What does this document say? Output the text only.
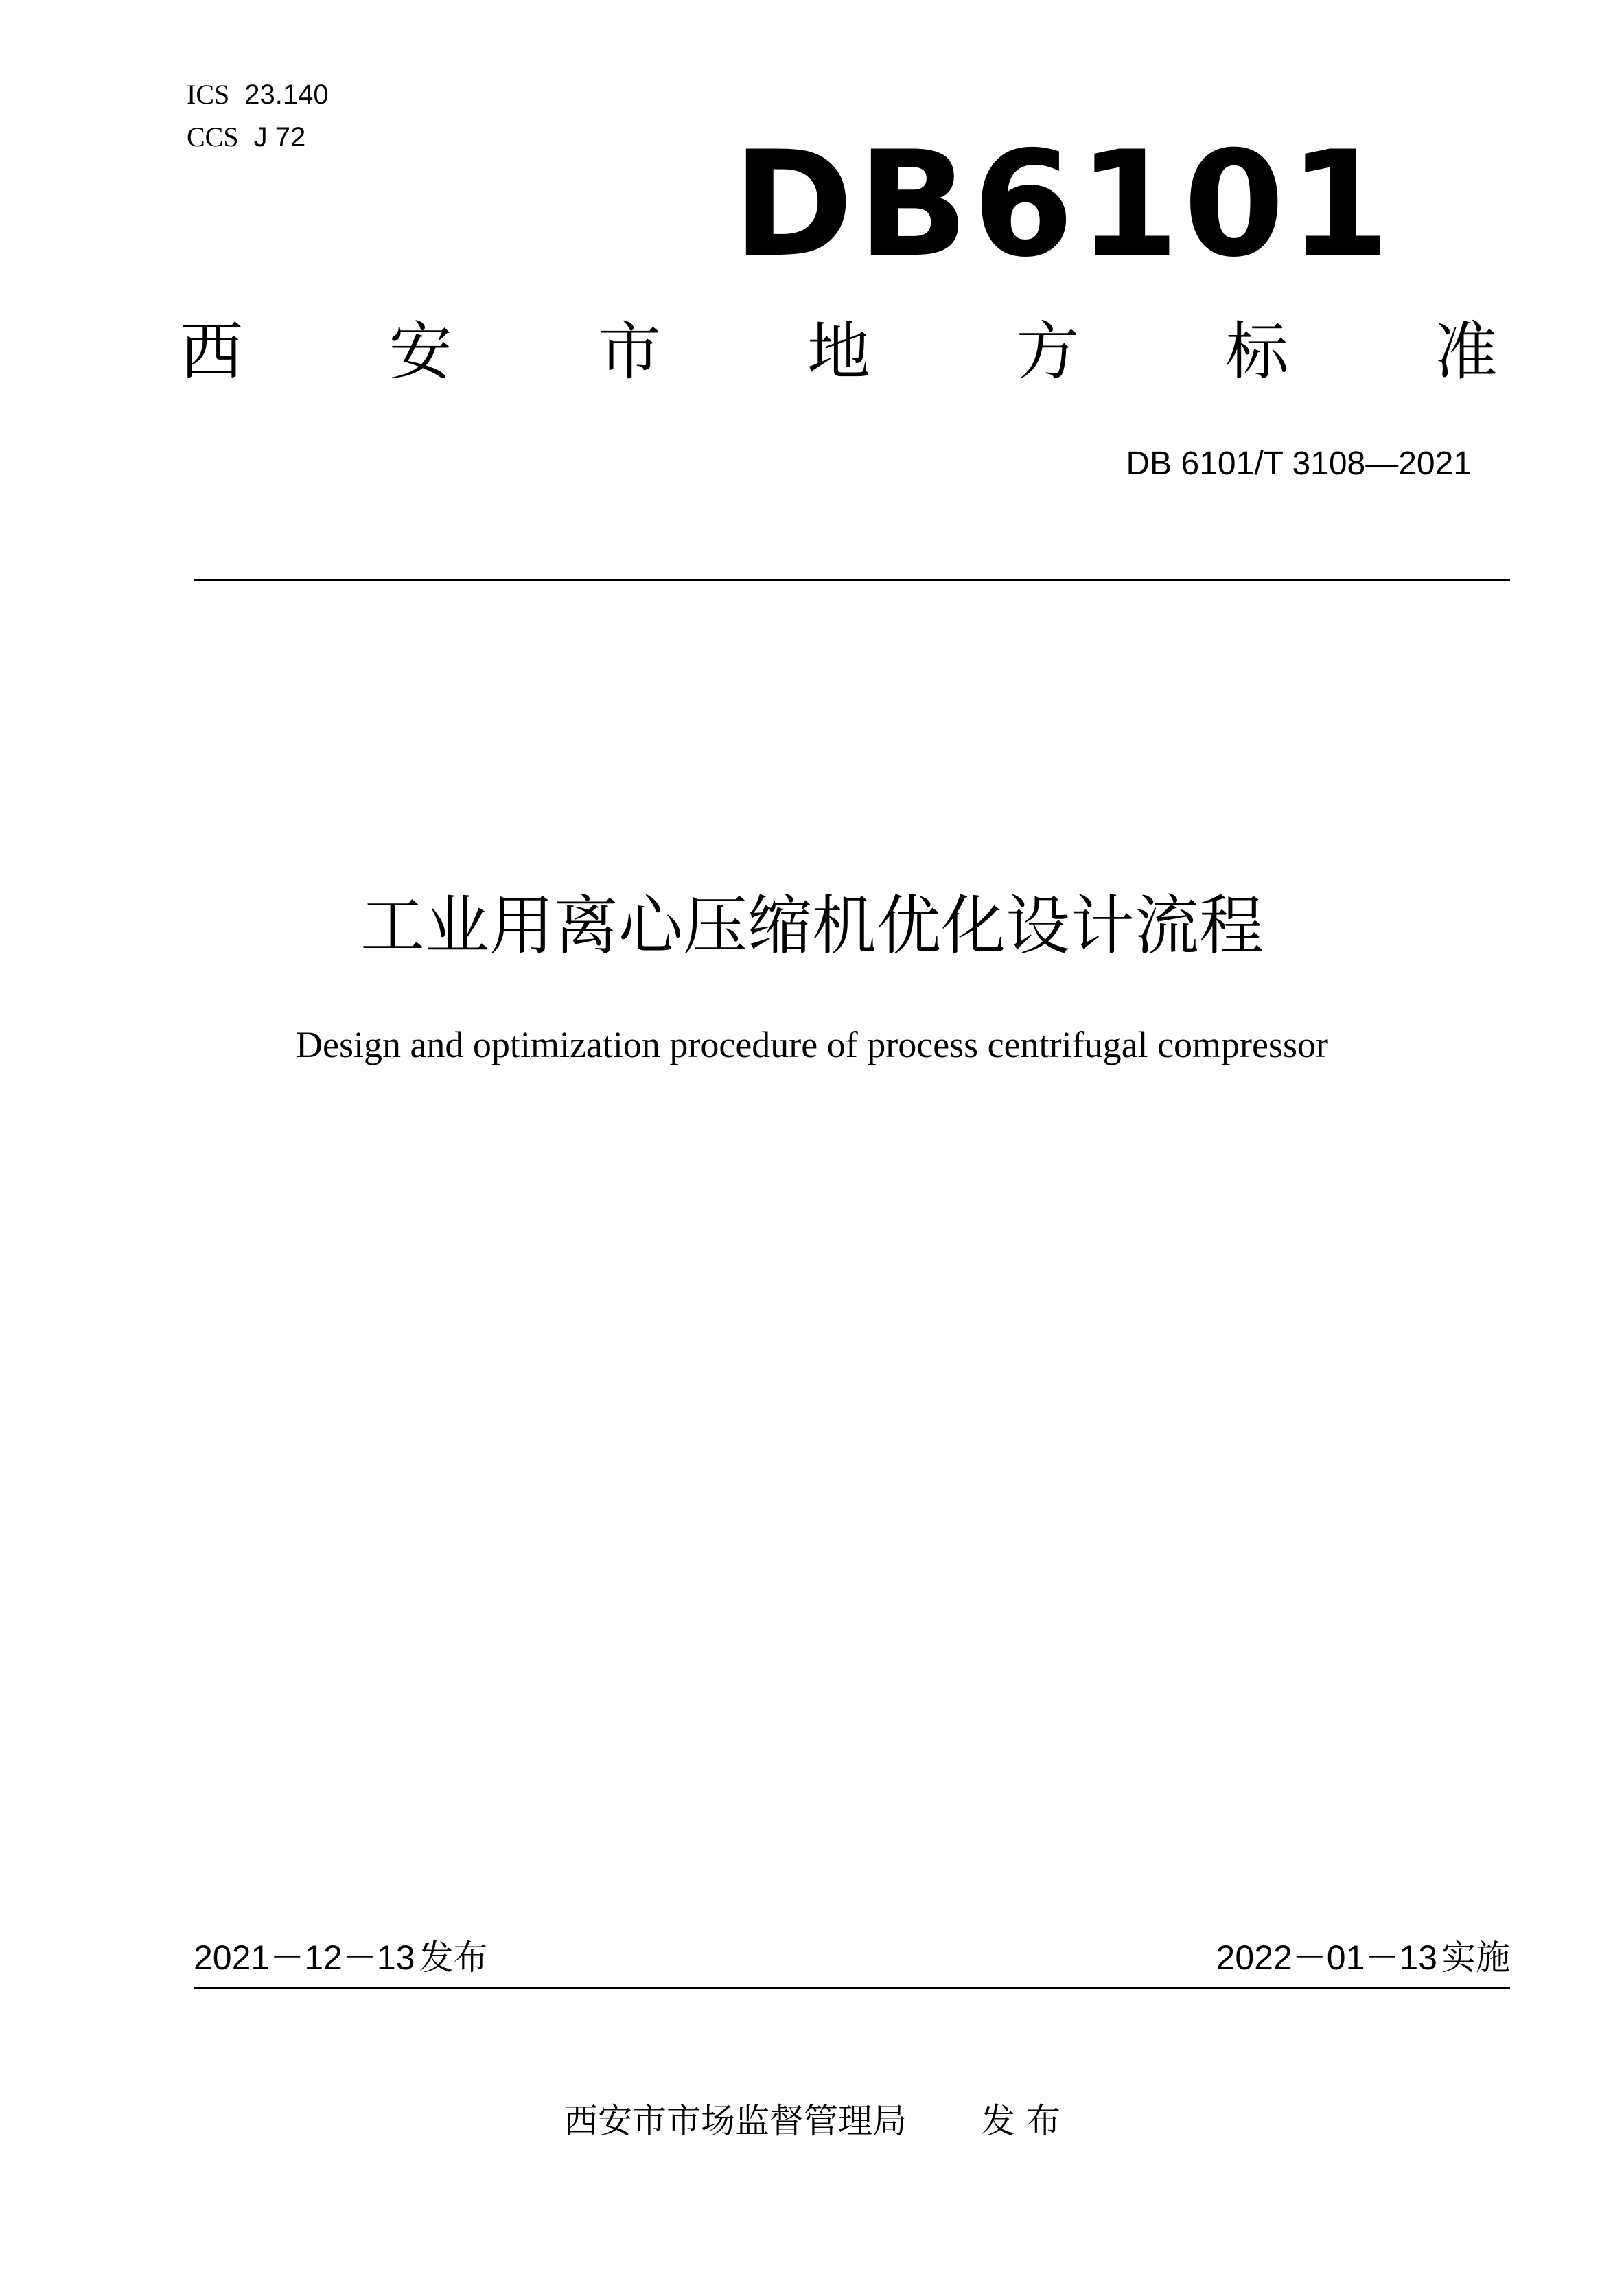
ICS 23.140
CCS J 72	DB6101
西 安 市 地 方 标 准
DB 6101/T 3108—2021
工业用离心压缩机优化设计流程
Design and optimization procedure of process centrifugal compressor
2021－12－13 发布	2022－01－13 实施
西安市市场监督管理局 发 布
